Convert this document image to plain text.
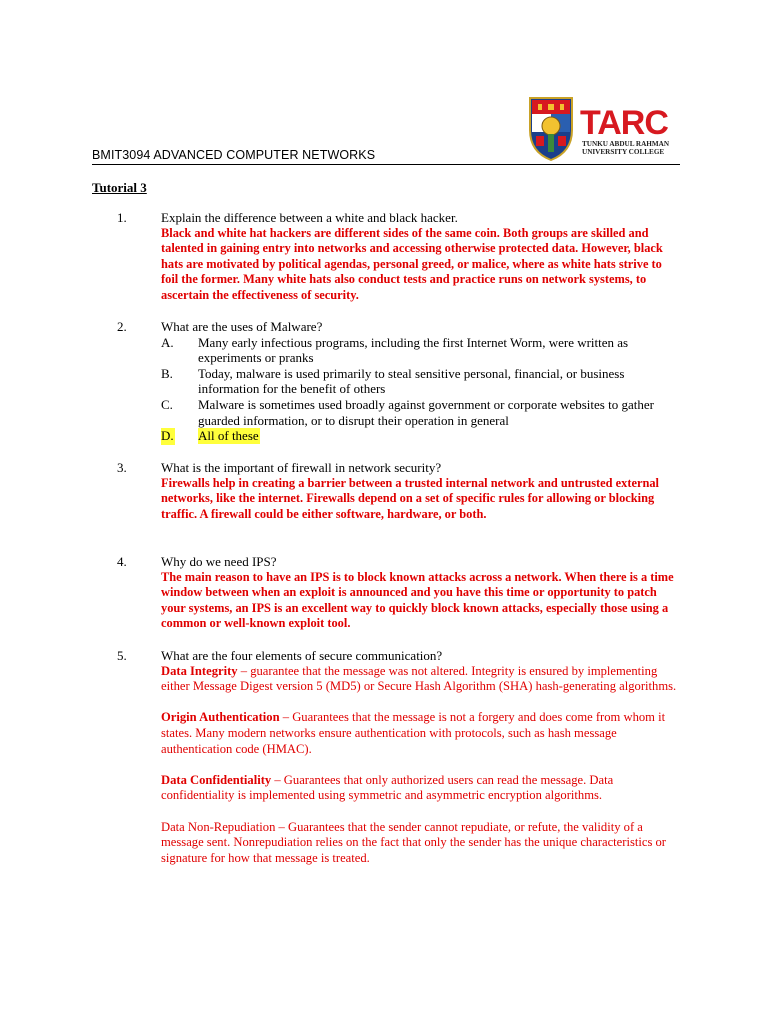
TARC
TUNKU ABDUL RAHMAN
UNIVERSITY COLLEGE
BMIT3094 ADVANCED COMPUTER NETWORKS
Tutorial 3
1.	Explain the difference between a white and black hacker.
Black and white hat hackers are different sides of the same coin. Both groups are skilled and talented in gaining entry into networks and accessing otherwise protected data. However, black hats are motivated by political agendas, personal greed, or malice, where as white hats strive to foil the former. Many white hats also conduct tests and practice runs on network systems, to ascertain the effectiveness of security.
2.	What are the uses of Malware?
A. Many early infectious programs, including the first Internet Worm, were written as experiments or pranks
B. Today, malware is used primarily to steal sensitive personal, financial, or business information for the benefit of others
C. Malware is sometimes used broadly against government or corporate websites to gather guarded information, or to disrupt their operation in general
D. All of these
3.	What is the important of firewall in network security?
Firewalls help in creating a barrier between a trusted internal network and untrusted external networks, like the internet. Firewalls depend on a set of specific rules for allowing or blocking traffic. A firewall could be either software, hardware, or both.
4.	Why do we need IPS?
The main reason to have an IPS is to block known attacks across a network. When there is a time window between when an exploit is announced and you have this time or opportunity to patch your systems, an IPS is an excellent way to quickly block known attacks, especially those using a common or well-known exploit tool.
5.	What are the four elements of secure communication?
Data Integrity – guarantee that the message was not altered. Integrity is ensured by implementing either Message Digest version 5 (MD5) or Secure Hash Algorithm (SHA) hash-generating algorithms.
Origin Authentication – Guarantees that the message is not a forgery and does come from whom it states. Many modern networks ensure authentication with protocols, such as hash message authentication code (HMAC).
Data Confidentiality – Guarantees that only authorized users can read the message. Data confidentiality is implemented using symmetric and asymmetric encryption algorithms.
Data Non-Repudiation – Guarantees that the sender cannot repudiate, or refute, the validity of a message sent. Nonrepudiation relies on the fact that only the sender has the unique characteristics or signature for how that message is treated.
